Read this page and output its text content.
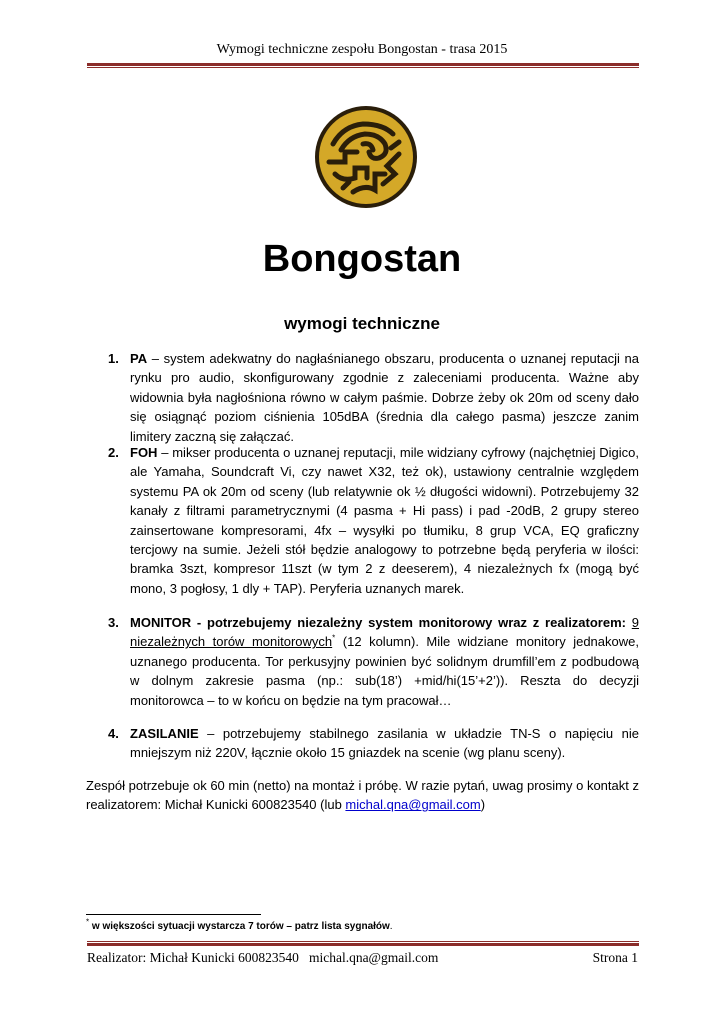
Wymogi techniczne zespołu Bongostan - trasa 2015
Bongostan
wymogi techniczne
1. PA – system adekwatny do nagłaśnianego obszaru, producenta o uznanej reputacji na rynku pro audio, skonfigurowany zgodnie z zaleceniami producenta. Ważne aby widownia była nagłośniona równo w całym paśmie. Dobrze żeby ok 20m od sceny dało się osiągnąć poziom ciśnienia 105dBA (średnia dla całego pasma) jeszcze zanim limitery zaczną się załączać.
2. FOH – mikser producenta o uznanej reputacji, mile widziany cyfrowy (najchętniej Digico, ale Yamaha, Soundcraft Vi, czy nawet X32, też ok), ustawiony centralnie względem systemu PA ok 20m od sceny (lub relatywnie ok ½ długości widowni). Potrzebujemy 32 kanały z filtrami parametrycznymi (4 pasma + Hi pass) i pad -20dB, 2 grupy stereo zainsertowane kompresorami, 4fx – wysyłki po tłumiku, 8 grup VCA, EQ graficzny tercjowy na sumie. Jeżeli stół będzie analogowy to potrzebne będą peryferia w ilości: bramka 3szt, kompresor 11szt (w tym 2 z deeserem), 4 niezależnych fx (mogą być mono, 3 pogłosy, 1 dly + TAP). Peryferia uznanych marek.
3. MONITOR - potrzebujemy niezależny system monitorowy wraz z realizatorem: 9 niezależnych torów monitorowych* (12 kolumn). Mile widziane monitory jednakowe, uznanego producenta. Tor perkusyjny powinien być solidnym drumfill’em z podbudową w dolnym zakresie pasma (np.: sub(18’) +mid/hi(15’+2’)). Reszta do decyzji monitorowca – to w końcu on będzie na tym pracował…
4. ZASILANIE – potrzebujemy stabilnego zasilania w układzie TN-S o napięciu nie mniejszym niż 220V, łącznie około 15 gniazdek na scenie (wg planu sceny).
Zespół potrzebuje ok 60 min (netto) na montaż i próbę. W razie pytań, uwag prosimy o kontakt z realizatorem: Michał Kunicki 600823540 (lub michal.qna@gmail.com)
* w większości sytuacji wystarcza 7 torów – patrz lista sygnałów.
Realizator: Michał Kunicki 600823540   michal.qna@gmail.com	Strona 1
